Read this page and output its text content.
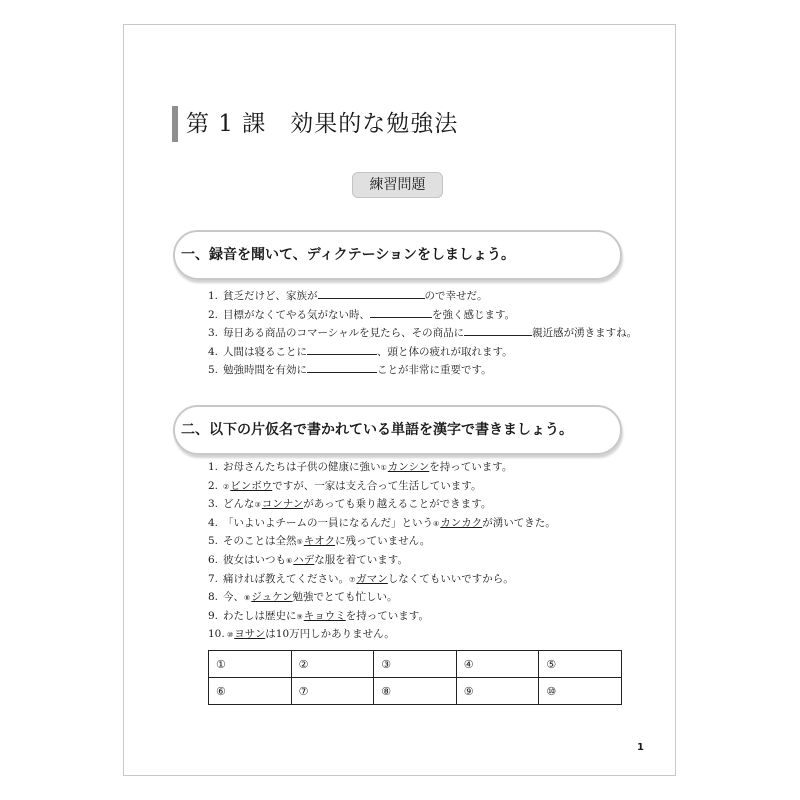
第 1 課　効果的な勉強法
練習問題
一、録音を聞いて、ディクテーションをしましょう。
1. 貧乏だけど、家族が	ので幸せだ。
2. 目標がなくてやる気がない時、	を強く感じます。
3. 毎日ある商品のコマーシャルを見たら、その商品に	親近感が湧きますね。
4. 人間は寝ることに	、頭と体の疲れが取れます。
5. 勉強時間を有効に	ことが非常に重要です。
二、以下の片仮名で書かれている単語を漢字で書きましょう。
1. お母さんたちは子供の健康に強い①カンシンを持っています。
2. ②ビンボウですが、一家は支え合って生活しています。
3. どんな③コンナンがあっても乗り越えることができます。
4. 「いよいよチームの一員になるんだ」という④カンカクが湧いてきた。
5. そのことは全然⑤キオクに残っていません。
6. 彼女はいつも⑥ハデな服を着ています。
7. 痛ければ教えてください。⑦ガマンしなくてもいいですから。
8. 今、⑧ジュケン勉強でとても忙しい。
9. わたしは歴史に⑨キョウミを持っています。
10. ⑩ヨサンは10万円しかありません。
①	②	③	④	⑤
⑥	⑦	⑧	⑨	⑩
1
